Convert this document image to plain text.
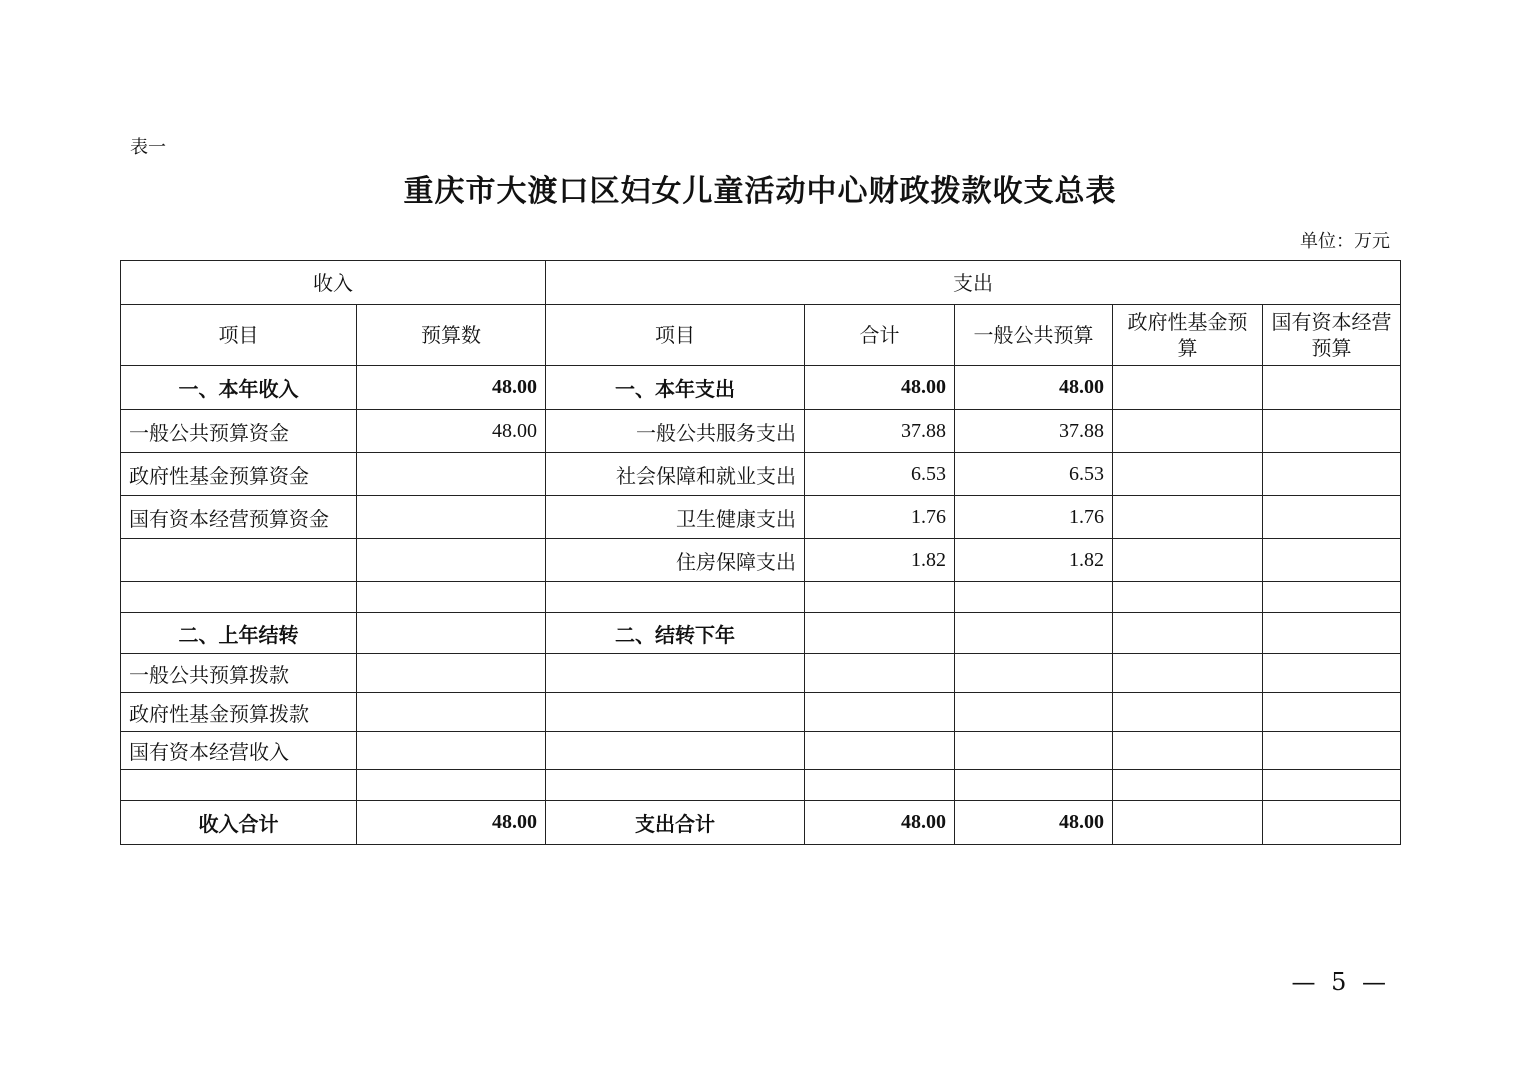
表一
重庆市大渡口区妇女儿童活动中心财政拨款收支总表
单位：万元
收入		支出				
项目	预算数	项目	合计	一般公共预算	政府性基金预算	国有资本经营预算
一、本年收入	48.00	一、本年支出	48.00	48.00		
一般公共预算资金	48.00	一般公共服务支出	37.88	37.88		
政府性基金预算资金		社会保障和就业支出	6.53	6.53		
国有资本经营预算资金		卫生健康支出	1.76	1.76		
		住房保障支出	1.82	1.82		

二、上年结转		二、结转下年				
一般公共预算拨款						
政府性基金预算拨款						
国有资本经营收入						

收入合计	48.00	支出合计	48.00	48.00		
— 5 —
